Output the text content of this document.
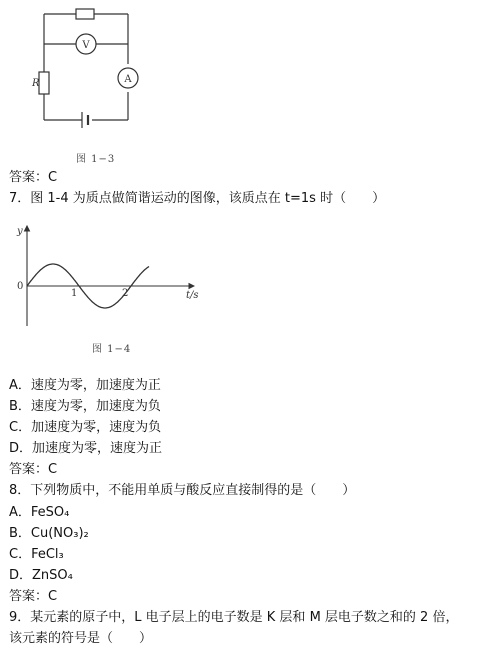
V
A
R
图 1−3
答案：C
7．图 1-4 为质点做简谐运动的图像，该质点在 t=1s 时（　　）
y
t/s
0
1	2
图 1−4
A．速度为零，加速度为正
B．速度为零，加速度为负
C．加速度为零，速度为负
D．加速度为零，速度为正
答案：C
8．下列物质中，不能用单质与酸反应直接制得的是（　　）
A．FeSO₄
B．Cu(NO₃)₂
C．FeCl₃
D．ZnSO₄
答案：C
9．某元素的原子中，L 电子层上的电子数是 K 层和 M 层电子数之和的 2 倍，
该元素的符号是（　　）
